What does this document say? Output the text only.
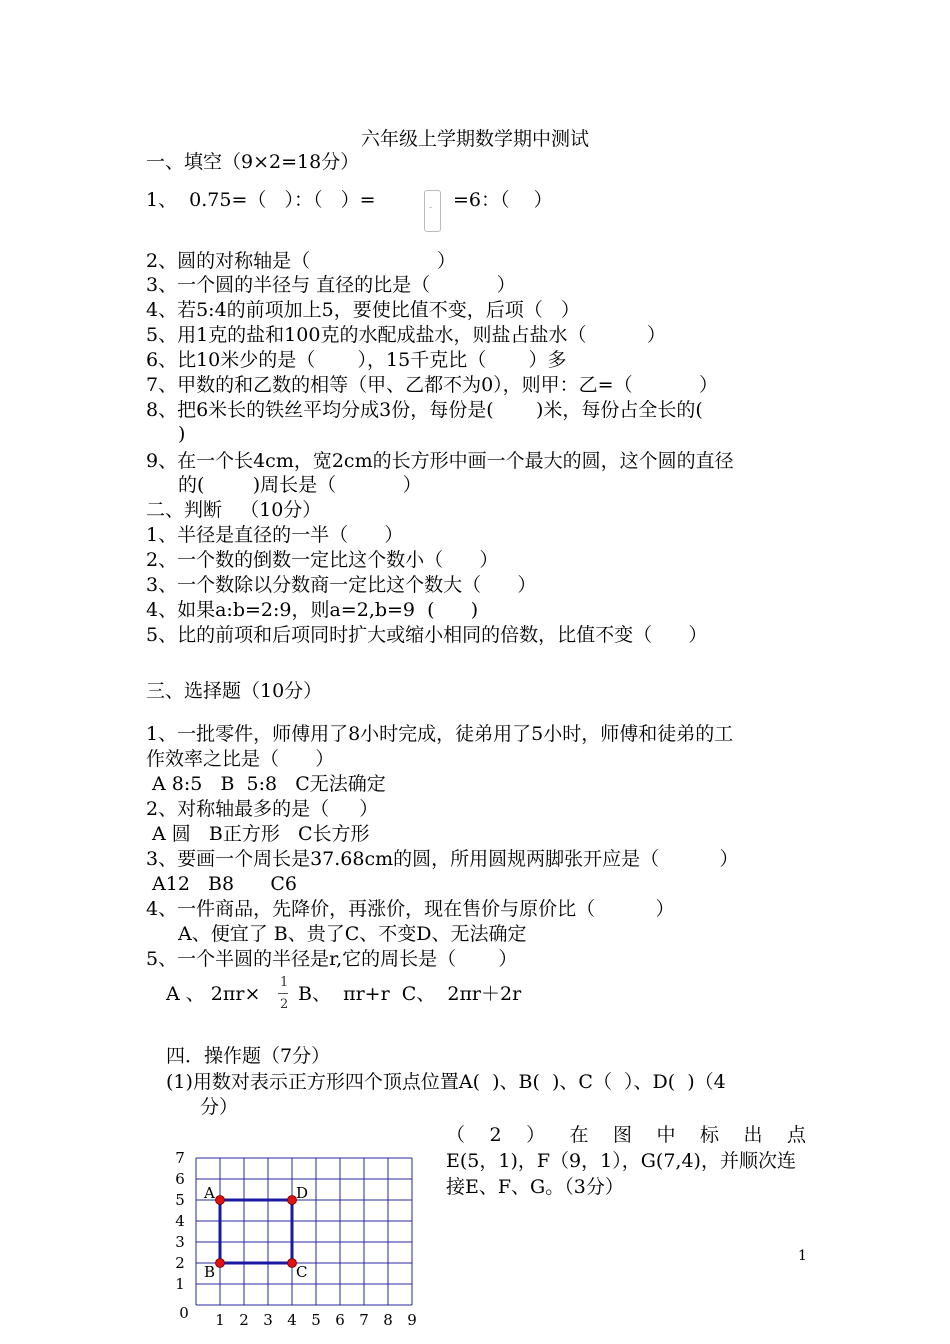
六年级上学期数学期中测试
一、填空（9×2=18分）
1、  0.75=（   ）：（   ）=	- =6：（    ）
2、圆的对称轴是（                     ）
3、一个圆的半径与 直径的比是（           ）
4、若5:4的前项加上5，要使比值不变，后项（   ）
5、用1克的盐和100克的水配成盐水，则盐占盐水（          ）
6、比10米少的是（       ），15千克比（       ）多
7、甲数的和乙数的相等（甲、乙都不为0），则甲：乙=（           ）
8、把6米长的铁丝平均分成3份，每份是(       )米，每份占全长的(
)
9、在一个长4cm，宽2cm的长方形中画一个最大的圆，这个圆的直径
的(        )周长是（           ）
二、判断   （10分）
1、半径是直径的一半（      ）
2、一个数的倒数一定比这个数小（      ）
3、一个数除以分数商一定比这个数大（      ）
4、如果a:b=2:9，则a=2,b=9  (      )
5、比的前项和后项同时扩大或缩小相同的倍数，比值不变（      ）
三、选择题（10分）
1、一批零件，师傅用了8小时完成，徒弟用了5小时，师傅和徒弟的工
作效率之比是（      ）
A 8:5   B  5:8   C无法确定
2、对称轴最多的是（     ）
A 圆   B正方形   C长方形
3、要画一个周长是37.68cm的圆，所用圆规两脚张开应是（          ）
A12   B8      C6
4、一件商品，先降价，再涨价，现在售价与原价比（          ）
A、便宜了 B、贵了C、不变D、无法确定
5、一个半圆的半径是r,它的周长是（       ）
A 、 2πr×
1
2 B、  πr+r  C、  2πr＋2r
四．操作题（7分）
(1)用数对表示正方形四个顶点位置A(  )、B(  )、C（  ）、D(  )（4
分）
（2）在图中标出点
E(5，1)，F（9，1），G(7,4)，并顺次连接E、F、G。（3分）
1
2
3
4
5
6
7
0 1 2 3 4 5 6 7 8 9
A	D
C
B
1
